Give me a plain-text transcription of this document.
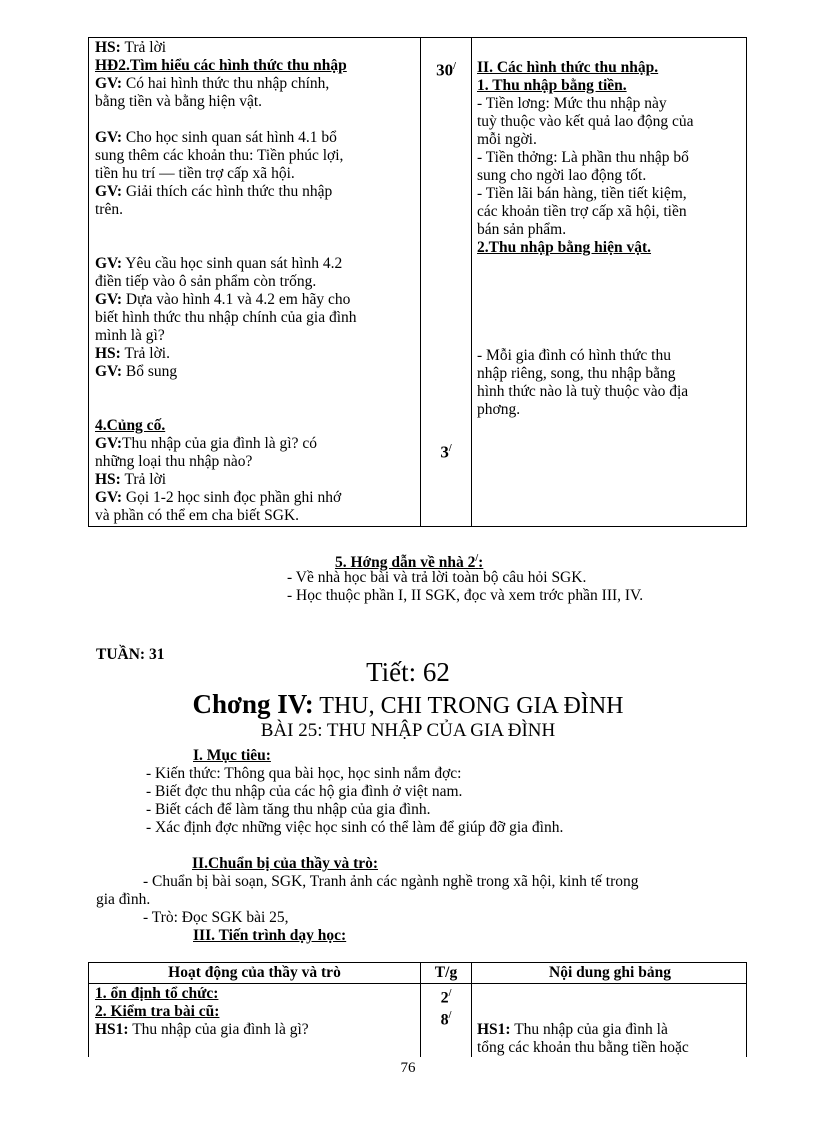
HS: Trả lời
HĐ2.Tìm hiểu các hình thức thu nhập
GV: Có hai hình thức thu nhập chính,
bằng tiền và bằng hiện vật.
GV: Cho học sinh quan sát hình 4.1 bổ
sung thêm các khoản thu: Tiền phúc lợi,
tiền hu trí — tiền trợ cấp xã hội.
GV: Giải thích các hình thức thu nhập
trên.
GV: Yêu cầu học sinh quan sát hình 4.2
điền tiếp vào ô sản phẩm còn trống.
GV: Dựa vào hình 4.1 và 4.2 em hãy cho
biết hình thức thu nhập chính của gia đình
mình là gì?
HS: Trả lời.
GV: Bổ sung
4.Củng cố.
GV:Thu nhập của gia đình là gì? có
những loại thu nhập nào?
HS: Trả lời
GV: Gọi 1-2 học sinh đọc phần ghi nhớ
và phần có thể em cha biết SGK.
30/
3/
II. Các hình thức thu nhập.
1. Thu nhập bằng tiền.
- Tiền lơng: Mức thu nhập này
tuỳ thuộc vào kết quả lao động của
mỗi ngời.
- Tiền thởng: Là phần thu nhập bổ
sung cho ngời lao động tốt.
- Tiền lãi bán hàng, tiền tiết kiệm,
các khoản tiền trợ cấp xã hội, tiền
bán sản phẩm.
2.Thu nhập bằng hiện vật.
- Mỗi gia đình có hình thức thu
nhập riêng, song, thu nhập bằng
hình thức nào là tuỳ thuộc vào địa
phơng.
5. Hớng dẫn về nhà 2/:
- Về nhà học bài và trả lời toàn bộ câu hỏi SGK.
- Học thuộc phần I, II SGK, đọc và xem trớc phần III, IV.
TUẦN: 31
Tiết: 62
Chơng IV: THU, CHI TRONG GIA ĐÌNH
BÀI 25: THU NHẬP CỦA GIA ĐÌNH
I. Mục tiêu:
- Kiến thức: Thông qua bài học, học sinh nắm đợc:
- Biết đợc thu nhập của các hộ gia đình ở việt nam.
- Biết cách để làm tăng thu nhập của gia đình.
- Xác định đợc những việc học sinh có thể làm để giúp đỡ gia đình.
II.Chuẩn bị của thầy và trò:
- Chuẩn bị bài soạn, SGK, Tranh ảnh các ngành nghề trong xã hội, kinh tế trong
gia đình.
- Trò: Đọc SGK bài 25,
III. Tiến trình dạy học:
Hoạt động của thầy và trò	T/g	Nội dung ghi bảng
1. ổn định tổ chức:
2. Kiểm tra bài cũ:
HS1: Thu nhập của gia đình là gì?
2/
8/
HS1: Thu nhập của gia đình là
tổng các khoản thu bằng tiền hoặc
76
